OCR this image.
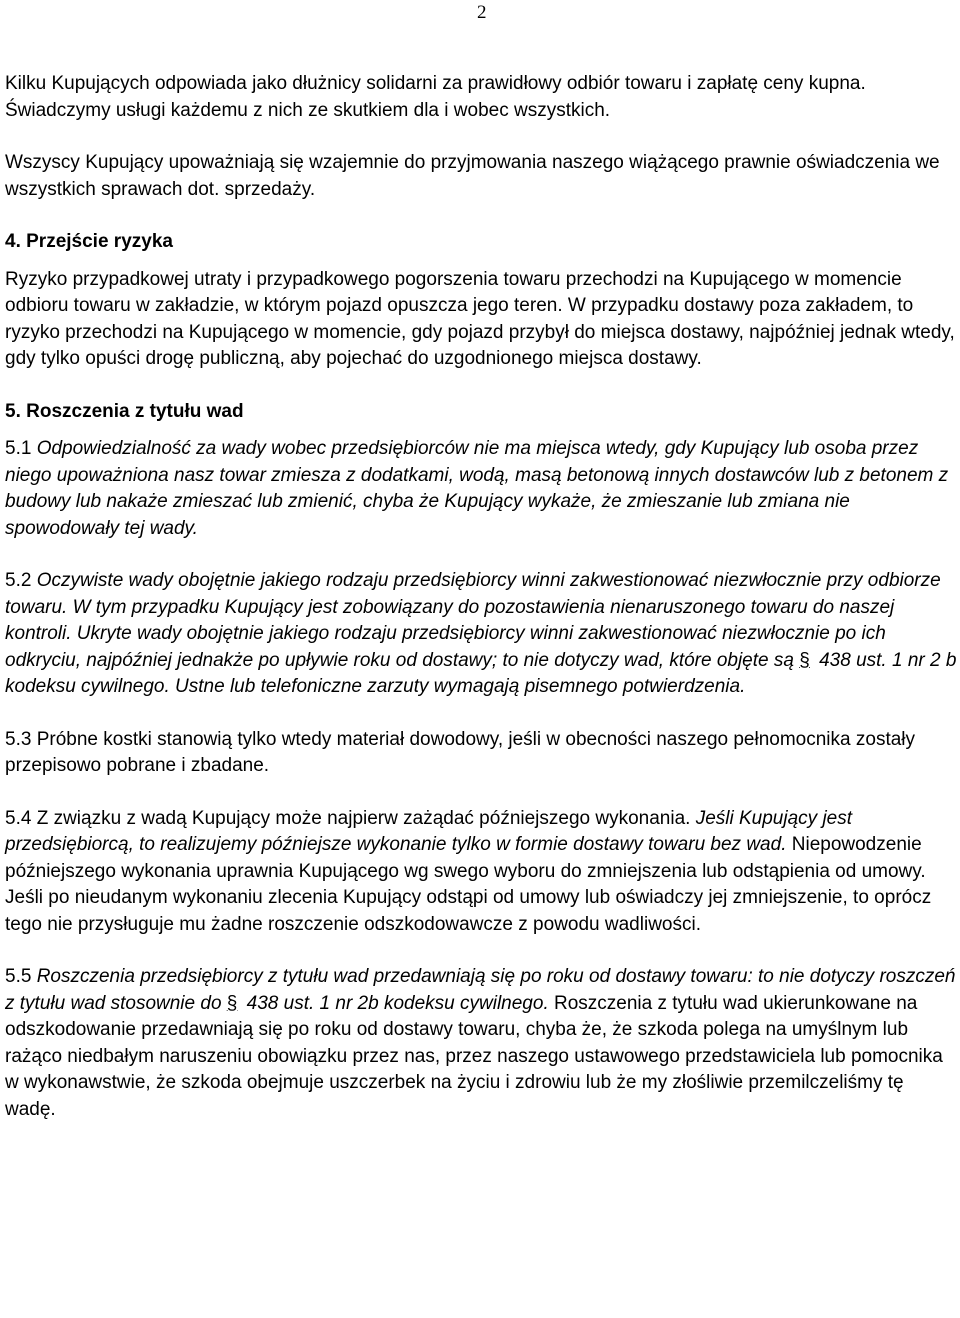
2

Kilku Kupujących odpowiada jako dłużnicy solidarni za prawidłowy odbiór towaru i zapłatę ceny kupna. Świadczymy usługi każdemu z nich ze skutkiem dla i wobec wszystkich.

Wszyscy Kupujący upoważniają się wzajemnie do przyjmowania naszego wiążącego prawnie oświadczenia we wszystkich sprawach dot. sprzedaży.

4. Przejście ryzyka

Ryzyko przypadkowej utraty i przypadkowego pogorszenia towaru przechodzi na Kupującego w momencie odbioru towaru w zakładzie, w którym pojazd opuszcza jego teren. W przypadku dostawy poza zakładem, to ryzyko przechodzi na Kupującego w momencie, gdy pojazd przybył do miejsca dostawy, najpóźniej jednak wtedy, gdy tylko opuści drogę publiczną, aby pojechać do uzgodnionego miejsca dostawy.

5. Roszczenia z tytułu wad

5.1 Odpowiedzialność za wady wobec przedsiębiorców nie ma miejsca wtedy, gdy Kupujący lub osoba przez niego upoważniona nasz towar zmiesza z dodatkami, wodą, masą betonową innych dostawców lub z betonem z budowy lub nakaże zmieszać lub zmienić, chyba że Kupujący wykaże, że zmieszanie lub zmiana nie spowodowały tej wady.

5.2 Oczywiste wady obojętnie jakiego rodzaju przedsiębiorcy winni zakwestionować niezwłocznie przy odbiorze towaru. W tym przypadku Kupujący jest zobowiązany do pozostawienia nienaruszonego towaru do naszej kontroli. Ukryte wady obojętnie jakiego rodzaju przedsiębiorcy winni zakwestionować niezwłocznie po ich odkryciu, najpóźniej jednakże po upływie roku od dostawy; to nie dotyczy wad, które objęte są § 438 ust. 1 nr 2 b kodeksu cywilnego. Ustne lub telefoniczne zarzuty wymagają pisemnego potwierdzenia.

5.3 Próbne kostki stanowią tylko wtedy materiał dowodowy, jeśli w obecności naszego pełnomocnika zostały przepisowo pobrane i zbadane.

5.4 Z związku z wadą Kupujący może najpierw zażądać późniejszego wykonania. Jeśli Kupujący jest przedsiębiorcą, to realizujemy późniejsze wykonanie tylko w formie dostawy towaru bez wad. Niepowodzenie późniejszego wykonania uprawnia Kupującego wg swego wyboru do zmniejszenia lub odstąpienia od umowy. Jeśli po nieudanym wykonaniu zlecenia Kupujący odstąpi od umowy lub oświadczy jej zmniejszenie, to oprócz tego nie przysługuje mu żadne roszczenie odszkodowawcze z powodu wadliwości.

5.5 Roszczenia przedsiębiorcy z tytułu wad przedawniają się po roku od dostawy towaru: to nie dotyczy roszczeń z tytułu wad stosownie do § 438 ust. 1 nr 2b kodeksu cywilnego. Roszczenia z tytułu wad ukierunkowane na odszkodowanie przedawniają się po roku od dostawy towaru, chyba że, że szkoda polega na umyślnym lub rażąco niedbałym naruszeniu obowiązku przez nas, przez naszego ustawowego przedstawiciela lub pomocnika w wykonawstwie, że szkoda obejmuje uszczerbek na życiu i zdrowiu lub że my złośliwie przemilczeliśmy tę wadę.
